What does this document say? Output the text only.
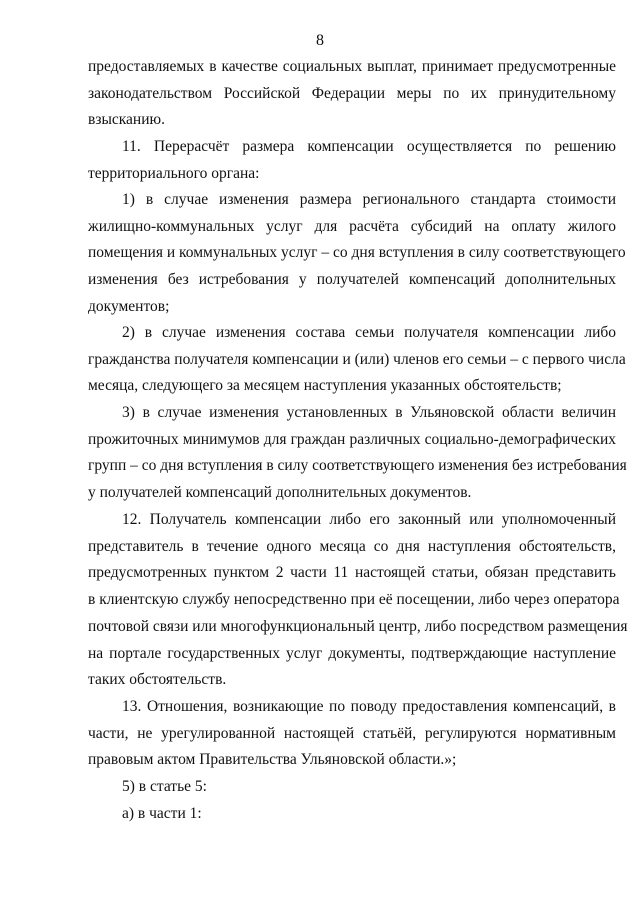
8
предоставляемых в качестве социальных выплат, принимает предусмотренные
законодательством Российской Федерации меры по их принудительному
взысканию.
11. Перерасчёт размера компенсации осуществляется по решению
территориального органа:
1) в случае изменения размера регионального стандарта стоимости
жилищно-коммунальных услуг для расчёта субсидий на оплату жилого
помещения и коммунальных услуг – со дня вступления в силу соответствующего
изменения без истребования у получателей компенсаций дополнительных
документов;
2) в случае изменения состава семьи получателя компенсации либо
гражданства получателя компенсации и (или) членов его семьи – с первого числа
месяца, следующего за месяцем наступления указанных обстоятельств;
3) в случае изменения установленных в Ульяновской области величин
прожиточных минимумов для граждан различных социально-демографических
групп – со дня вступления в силу соответствующего изменения без истребования
у получателей компенсаций дополнительных документов.
12. Получатель компенсации либо его законный или уполномоченный
представитель в течение одного месяца со дня наступления обстоятельств,
предусмотренных пунктом 2 части 11 настоящей статьи, обязан представить
в клиентскую службу непосредственно при её посещении, либо через оператора
почтовой связи или многофункциональный центр, либо посредством размещения
на портале государственных услуг документы, подтверждающие наступление
таких обстоятельств.
13. Отношения, возникающие по поводу предоставления компенсаций, в
части, не урегулированной настоящей статьёй, регулируются нормативным
правовым актом Правительства Ульяновской области.»;
5) в статье 5:
а) в части 1:
